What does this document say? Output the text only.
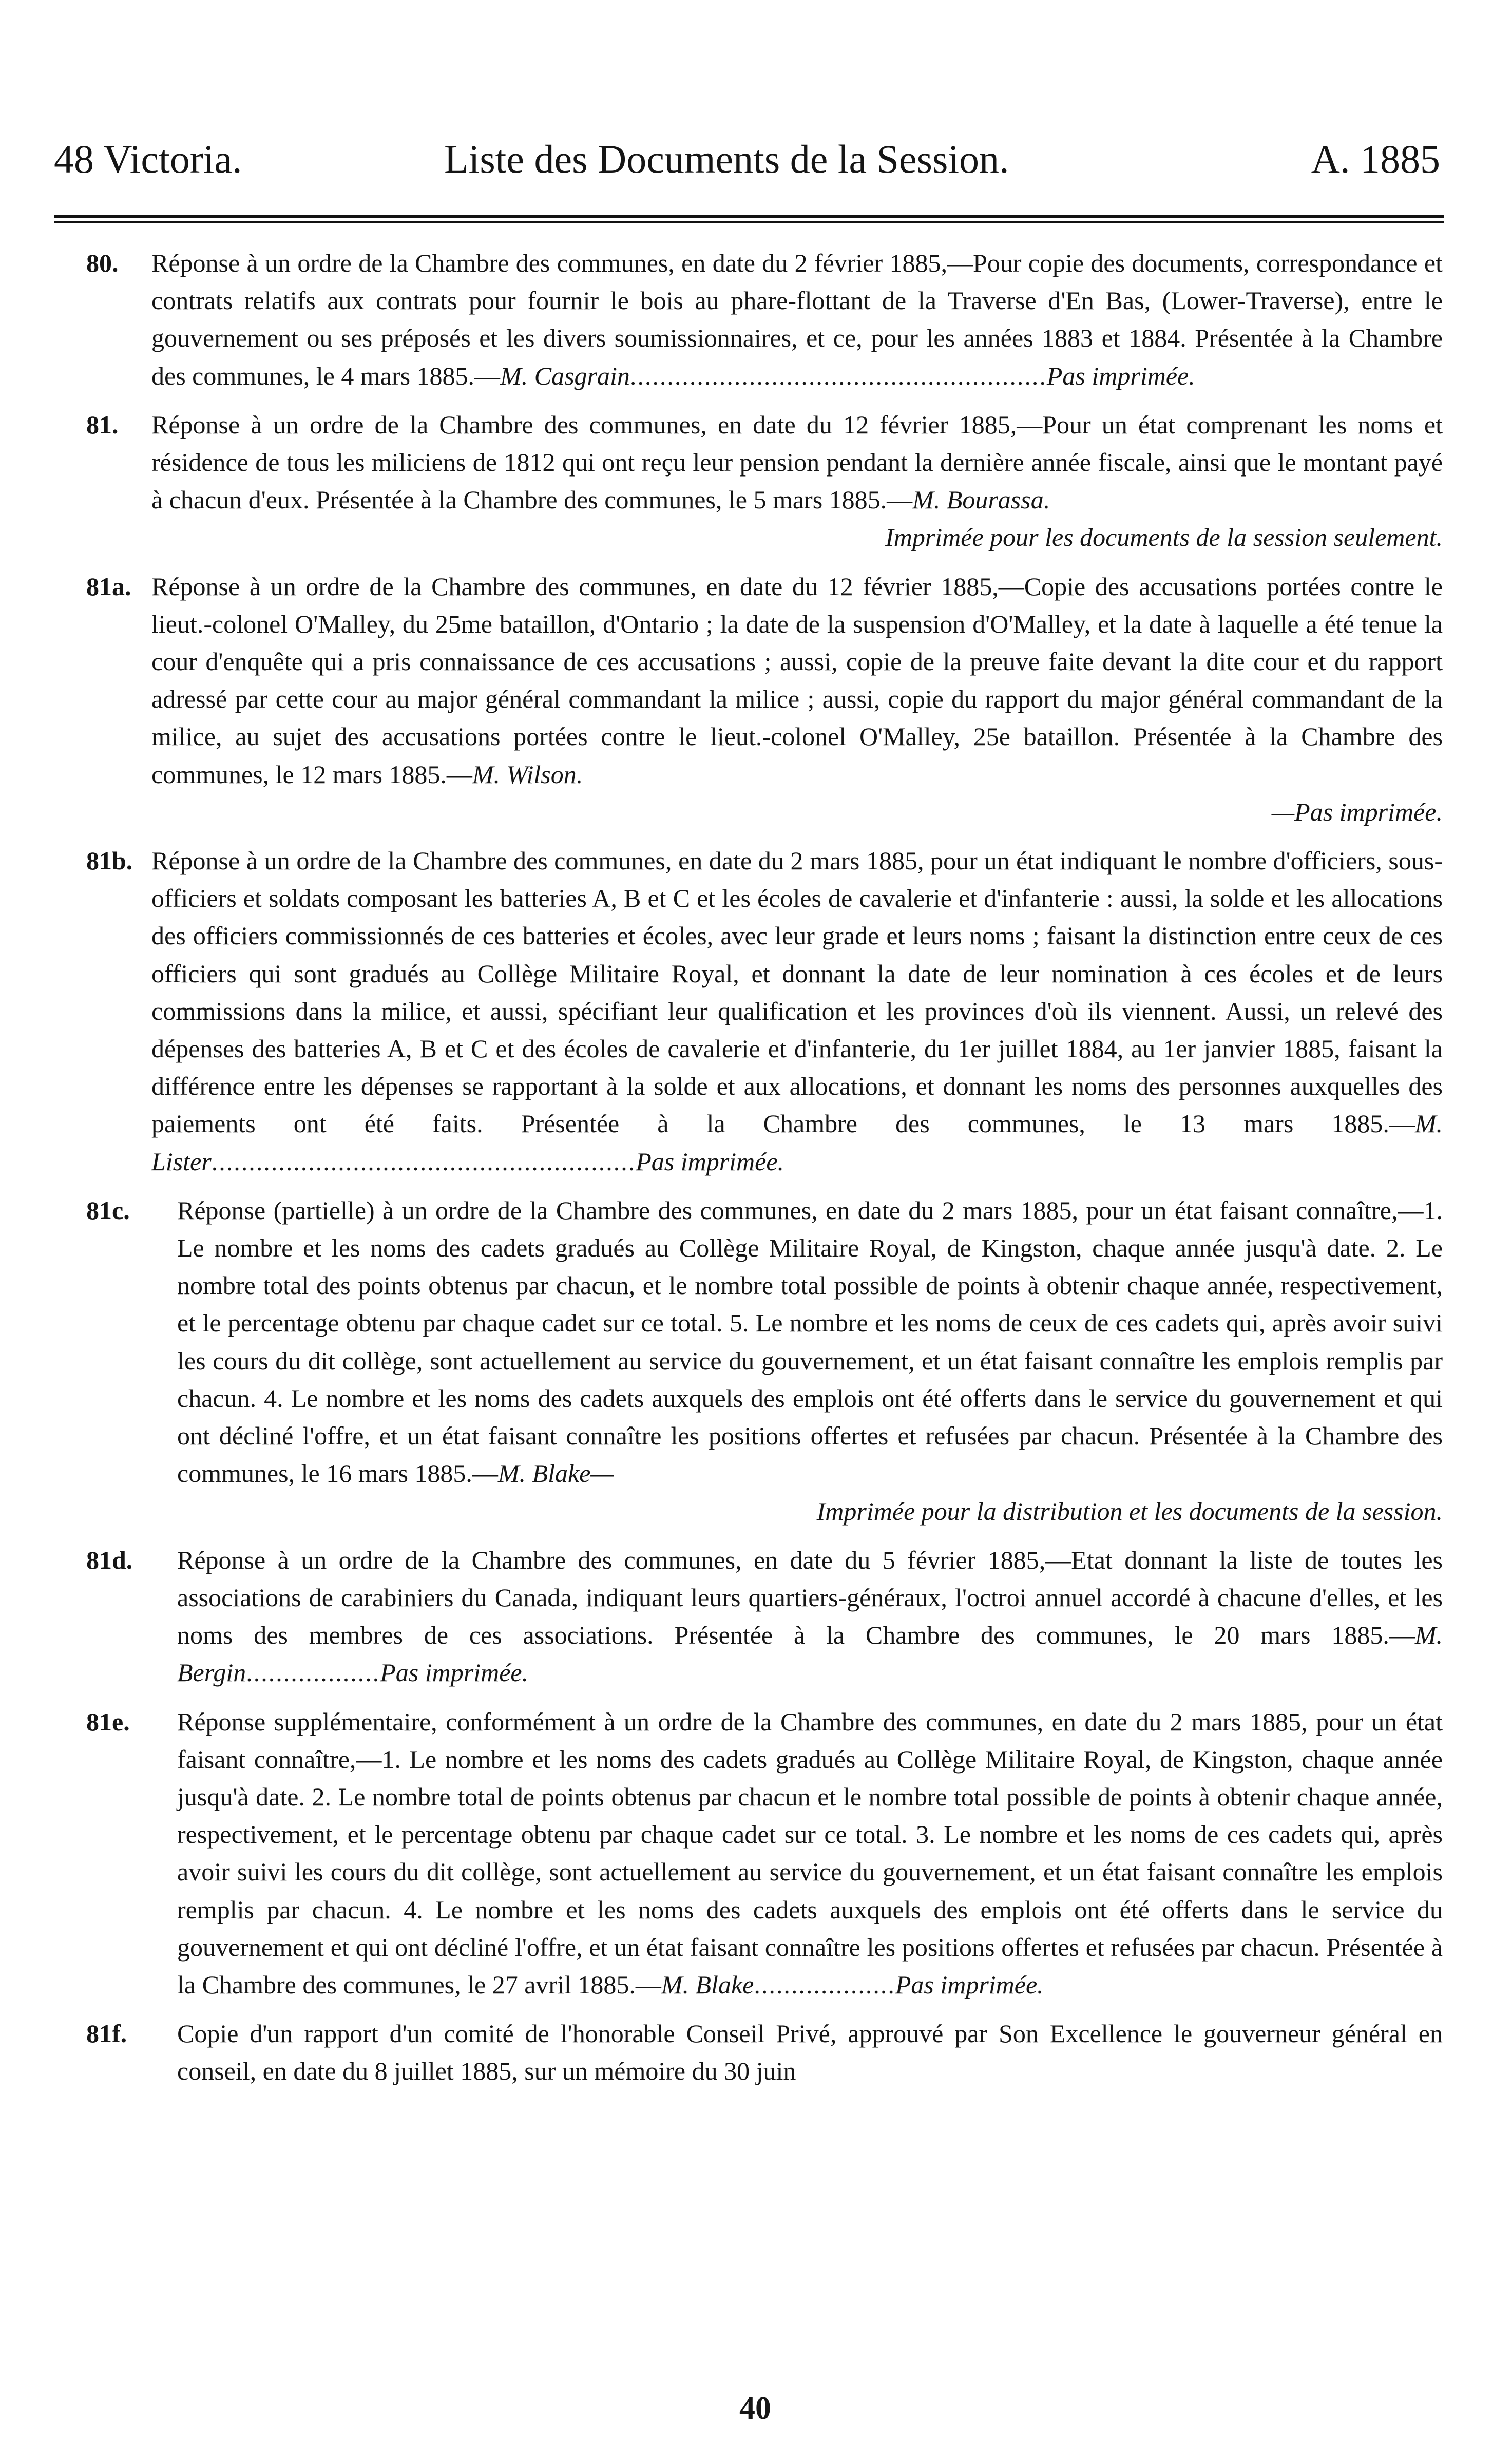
48 Victoria.	Liste des Documents de la Session.	A. 1885
80. Réponse à un ordre de la Chambre des communes, en date du 2 février 1885,—Pour copie des documents, correspondance et contrats relatifs aux contrats pour fournir le bois au phare-flottant de la Traverse d'En Bas, (Lower-Traverse), entre le gouvernement ou ses préposés et les divers soumissionnaires, et ce, pour les années 1883 et 1884. Présentée à la Chambre des communes, le 4 mars 1885.—M. Casgrain........................................................Pas imprimée.
81. Réponse à un ordre de la Chambre des communes, en date du 12 février 1885,—Pour un état comprenant les noms et résidence de tous les miliciens de 1812 qui ont reçu leur pension pendant la dernière année fiscale, ainsi que le montant payé à chacun d'eux. Présentée à la Chambre des communes, le 5 mars 1885.—M. Bourassa.
Imprimée pour les documents de la session seulement.
81a. Réponse à un ordre de la Chambre des communes, en date du 12 février 1885,—Copie des accusations portées contre le lieut.-colonel O'Malley, du 25me bataillon, d'Ontario ; la date de la suspension d'O'Malley, et la date à laquelle a été tenue la cour d'enquête qui a pris connaissance de ces accusations ; aussi, copie de la preuve faite devant la dite cour et du rapport adressé par cette cour au major général commandant la milice ; aussi, copie du rapport du major général commandant de la milice, au sujet des accusations portées contre le lieut.-colonel O'Malley, 25e bataillon. Présentée à la Chambre des communes, le 12 mars 1885.—M. Wilson.
—Pas imprimée.
81b. Réponse à un ordre de la Chambre des communes, en date du 2 mars 1885, pour un état indiquant le nombre d'officiers, sous-officiers et soldats composant les batteries A, B et C et les écoles de cavalerie et d'infanterie : aussi, la solde et les allocations des officiers commissionnés de ces batteries et écoles, avec leur grade et leurs noms ; faisant la distinction entre ceux de ces officiers qui sont gradués au Collège Militaire Royal, et donnant la date de leur nomination à ces écoles et de leurs commissions dans la milice, et aussi, spécifiant leur qualification et les provinces d'où ils viennent. Aussi, un relevé des dépenses des batteries A, B et C et des écoles de cavalerie et d'infanterie, du 1er juillet 1884, au 1er janvier 1885, faisant la différence entre les dépenses se rapportant à la solde et aux allocations, et donnant les noms des personnes auxquelles des paiements ont été faits. Présentée à la Chambre des communes, le 13 mars 1885.—M. Lister.........................................................Pas imprimée.
81c. Réponse (partielle) à un ordre de la Chambre des communes, en date du 2 mars 1885, pour un état faisant connaître,—1. Le nombre et les noms des cadets gradués au Collège Militaire Royal, de Kingston, chaque année jusqu'à date. 2. Le nombre total des points obtenus par chacun, et le nombre total possible de points à obtenir chaque année, respectivement, et le percentage obtenu par chaque cadet sur ce total. 5. Le nombre et les noms de ceux de ces cadets qui, après avoir suivi les cours du dit collège, sont actuellement au service du gouvernement, et un état faisant connaître les emplois remplis par chacun. 4. Le nombre et les noms des cadets auxquels des emplois ont été offerts dans le service du gouvernement et qui ont décliné l'offre, et un état faisant connaître les positions offertes et refusées par chacun. Présentée à la Chambre des communes, le 16 mars 1885.—M. Blake—
Imprimée pour la distribution et les documents de la session.
81d. Réponse à un ordre de la Chambre des communes, en date du 5 février 1885,—Etat donnant la liste de toutes les associations de carabiniers du Canada, indiquant leurs quartiers-généraux, l'octroi annuel accordé à chacune d'elles, et les noms des membres de ces associations. Présentée à la Chambre des communes, le 20 mars 1885.—M. Bergin..................Pas imprimée.
81e. Réponse supplémentaire, conformément à un ordre de la Chambre des communes, en date du 2 mars 1885, pour un état faisant connaître,—1. Le nombre et les noms des cadets gradués au Collège Militaire Royal, de Kingston, chaque année jusqu'à date. 2. Le nombre total de points obtenus par chacun et le nombre total possible de points à obtenir chaque année, respectivement, et le percentage obtenu par chaque cadet sur ce total. 3. Le nombre et les noms de ces cadets qui, après avoir suivi les cours du dit collège, sont actuellement au service du gouvernement, et un état faisant connaître les emplois remplis par chacun. 4. Le nombre et les noms des cadets auxquels des emplois ont été offerts dans le service du gouvernement et qui ont décliné l'offre, et un état faisant connaître les positions offertes et refusées par chacun. Présentée à la Chambre des communes, le 27 avril 1885.—M. Blake...................Pas imprimée.
81f. Copie d'un rapport d'un comité de l'honorable Conseil Privé, approuvé par Son Excellence le gouverneur général en conseil, en date du 8 juillet 1885, sur un mémoire du 30 juin
40
